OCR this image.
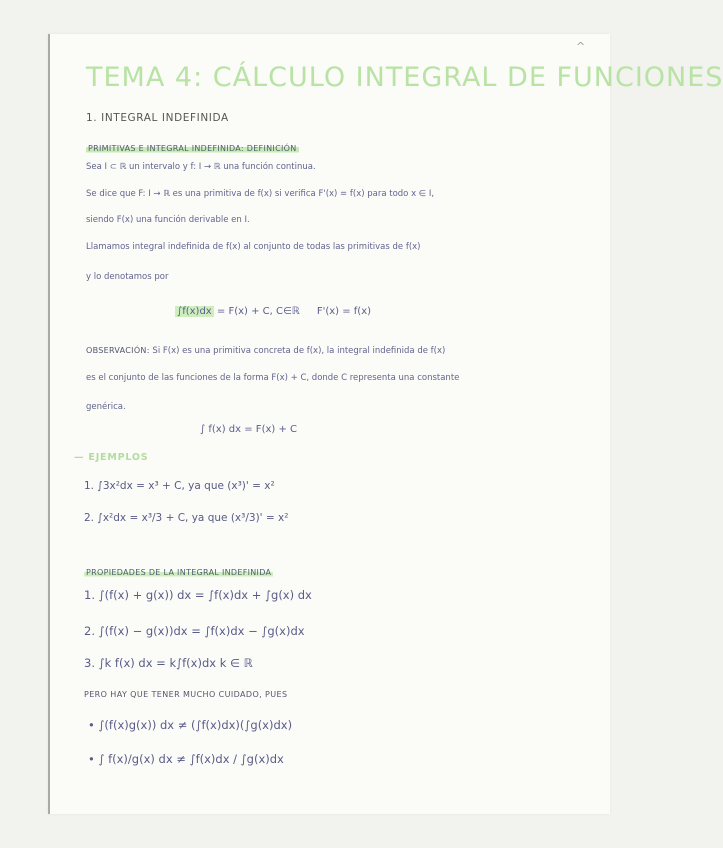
^
TEMA 4: CÁLCULO INTEGRAL DE FUNCIONES
1. INTEGRAL INDEFINIDA
PRIMITIVAS E INTEGRAL INDEFINIDA: DEFINICIÓN
Sea I ⊂ ℝ un intervalo y f: I → ℝ una función continua.
Se dice que F: I → ℝ es una primitiva de f(x) si verifica F'(x) = f(x) para todo x ∈ I,
siendo F(x) una función derivable en I.
Llamamos integral indefinida de f(x) al conjunto de todas las primitivas de f(x)
y lo denotamos por
∫f(x)dx = F(x) + C, C∈ℝ F'(x) = f(x)
OBSERVACIÓN: Si F(x) es una primitiva concreta de f(x), la integral indefinida de f(x)
es el conjunto de las funciones de la forma F(x) + C, donde C representa una constante
genérica.
∫ f(x) dx = F(x) + C
— EJEMPLOS
1. ∫3x²dx = x³ + C, ya que (x³)' = x²
2. ∫x²dx = x³/3 + C, ya que (x³/3)' = x²
PROPIEDADES DE LA INTEGRAL INDEFINIDA
1. ∫(f(x) + g(x)) dx = ∫f(x)dx + ∫g(x) dx
2. ∫(f(x) − g(x))dx = ∫f(x)dx − ∫g(x)dx
3. ∫k f(x) dx = k∫f(x)dx k ∈ ℝ
PERO HAY QUE TENER MUCHO CUIDADO, PUES
• ∫(f(x)g(x)) dx ≠ (∫f(x)dx)(∫g(x)dx)
• ∫ f(x)/g(x) dx ≠ ∫f(x)dx / ∫g(x)dx
